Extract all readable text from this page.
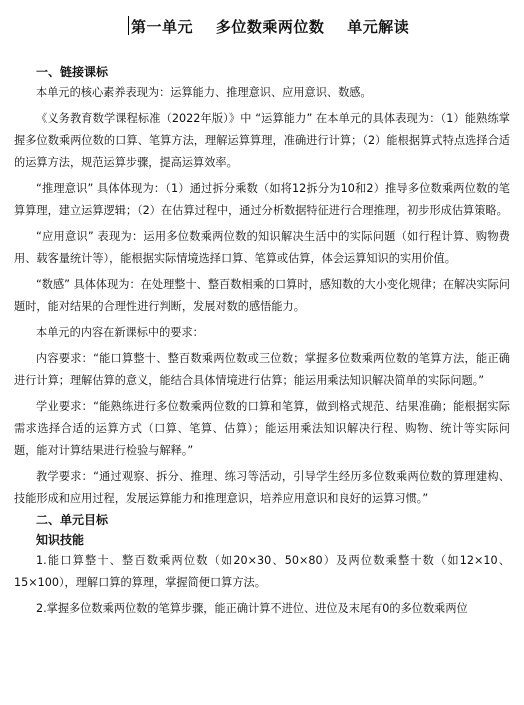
第一单元    多位数乘两位数    单元解读
一、链接课标

本单元的核心素养表现为：运算能力、推理意识、应用意识、数感。

《义务教育数学课程标准（2022年版）》中 “运算能力” 在本单元的具体表现为：（1）能熟练掌握多位数乘两位数的口算、笔算方法，理解运算算理，准确进行计算；（2）能根据算式特点选择合适的运算方法，规范运算步骤，提高运算效率。

“推理意识” 具体体现为：（1）通过拆分乘数（如将12拆分为10和2）推导多位数乘两位数的笔算算理，建立运算逻辑；（2）在估算过程中，通过分析数据特征进行合理推理，初步形成估算策略。

“应用意识” 表现为：运用多位数乘两位数的知识解决生活中的实际问题（如行程计算、购物费用、载客量统计等），能根据实际情境选择口算、笔算或估算，体会运算知识的实用价值。

“数感” 具体体现为：在处理整十、整百数相乘的口算时，感知数的大小变化规律；在解决实际问题时，能对结果的合理性进行判断，发展对数的感悟能力。

本单元的内容在新课标中的要求：

内容要求：“能口算整十、整百数乘两位数或三位数；掌握多位数乘两位数的笔算方法，能正确进行计算；理解估算的意义，能结合具体情境进行估算；能运用乘法知识解决简单的实际问题。”

学业要求：“能熟练进行多位数乘两位数的口算和笔算，做到格式规范、结果准确；能根据实际需求选择合适的运算方式（口算、笔算、估算）；能运用乘法知识解决行程、购物、统计等实际问题，能对计算结果进行检验与解释。”

教学要求：“通过观察、拆分、推理、练习等活动，引导学生经历多位数乘两位数的算理建构、技能形成和应用过程，发展运算能力和推理意识，培养应用意识和良好的运算习惯。”

二、单元目标
知识技能

1.能口算整十、整百数乘两位数（如20×30、50×80）及两位数乘整十数（如12×10、15×100），理解口算的算理，掌握简便口算方法。

2.掌握多位数乘两位数的笔算步骤，能正确计算不进位、进位及末尾有0的多位数乘两位
